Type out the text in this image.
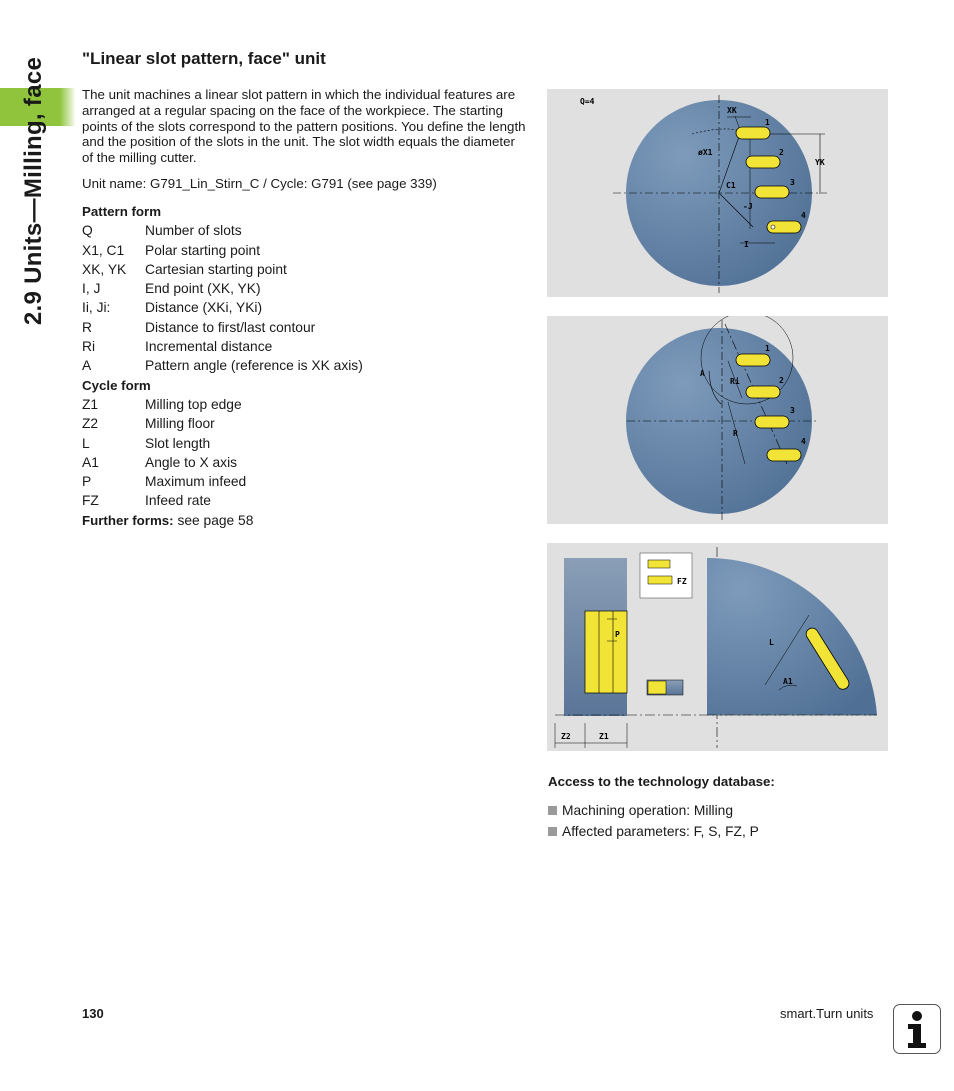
2.9 Units—Milling, face "Linear slot pattern, face" unit

The unit machines a linear slot pattern in which the individual features are arranged at a regular spacing on the face of the workpiece. The starting points of the slots correspond to the pattern positions. You define the length and the position of the slots in the unit. The slot width equals the diameter of the milling cutter.

Unit name: G791_Lin_Stirn_C / Cycle: G791 (see page 339)

Pattern form
Q	Number of slots
X1, C1	Polar starting point
XK, YK	Cartesian starting point
I, J	End point (XK, YK)
Ii, Ji:	Distance (XKi, YKi)
R	Distance to first/last contour
Ri	Incremental distance
A	Pattern angle (reference is XK axis)
Cycle form
Z1	Milling top edge
Z2	Milling floor
L	Slot length
A1	Angle to X axis
P	Maximum infeed
FZ	Infeed rate
Further forms: see page 58
Q=4
XK
YK
øX1
C1
-J
I
1
2
3
4
A
Ri
R
1
2
3
4
P
Z2	Z1
FZ
L
A1
Access to the technology database:
Machining operation: Milling
Affected parameters: F, S, FZ, P
130	smart.Turn units
